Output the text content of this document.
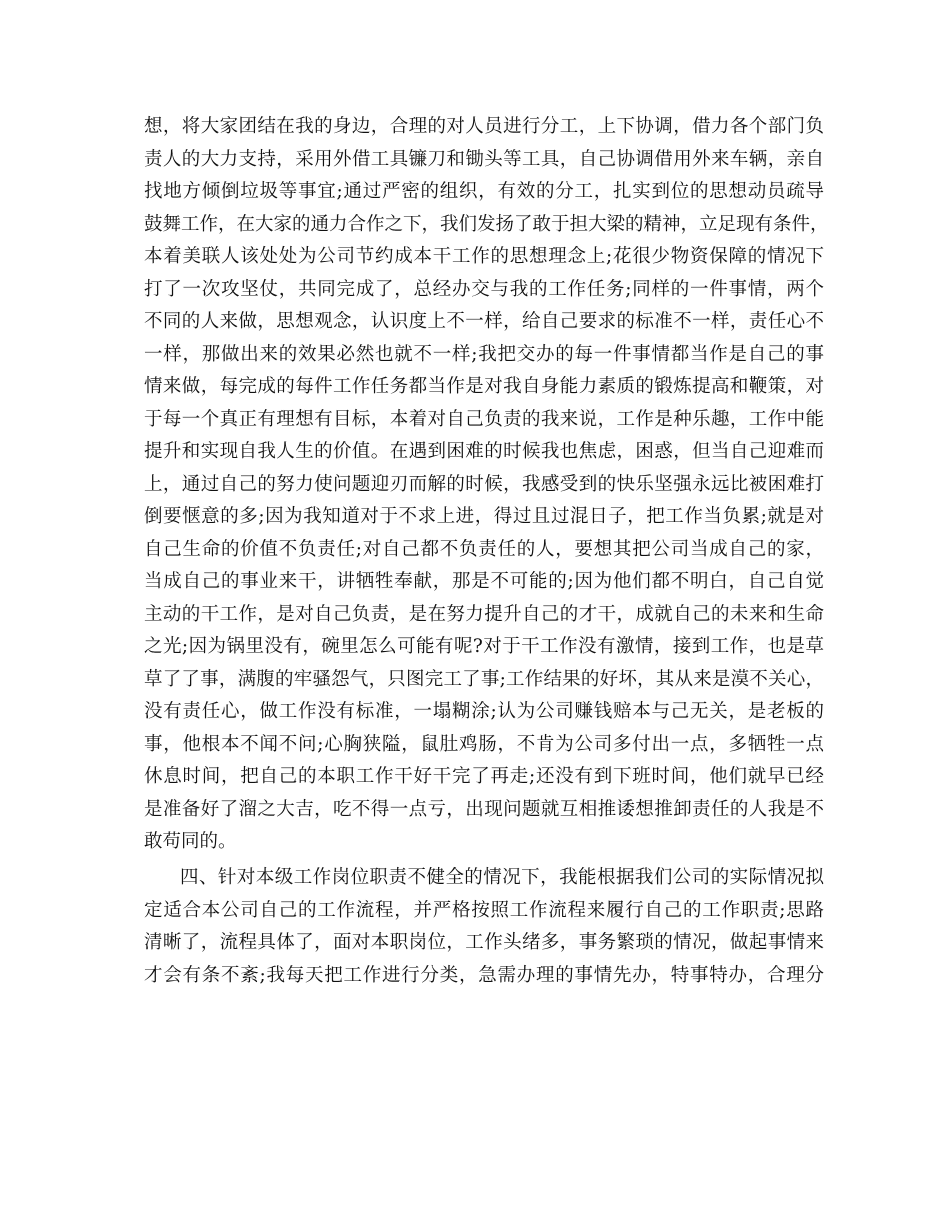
想，将大家团结在我的身边，合理的对人员进行分工，上下协调，借力各个部门负
责人的大力支持，采用外借工具镰刀和锄头等工具，自己协调借用外来车辆，亲自
找地方倾倒垃圾等事宜;通过严密的组织，有效的分工，扎实到位的思想动员疏导
鼓舞工作，在大家的通力合作之下，我们发扬了敢于担大梁的精神，立足现有条件，
本着美联人该处处为公司节约成本干工作的思想理念上;花很少物资保障的情况下
打了一次攻坚仗，共同完成了，总经办交与我的工作任务;同样的一件事情，两个
不同的人来做，思想观念，认识度上不一样，给自己要求的标准不一样，责任心不
一样，那做出来的效果必然也就不一样;我把交办的每一件事情都当作是自己的事
情来做，每完成的每件工作任务都当作是对我自身能力素质的锻炼提高和鞭策，对
于每一个真正有理想有目标，本着对自己负责的我来说，工作是种乐趣，工作中能
提升和实现自我人生的价值。在遇到困难的时候我也焦虑，困惑，但当自己迎难而
上，通过自己的努力使问题迎刃而解的时候，我感受到的快乐坚强永远比被困难打
倒要惬意的多;因为我知道对于不求上进，得过且过混日子，把工作当负累;就是对
自己生命的价值不负责任;对自己都不负责任的人，要想其把公司当成自己的家，
当成自己的事业来干，讲牺牲奉献，那是不可能的;因为他们都不明白，自己自觉
主动的干工作，是对自己负责，是在努力提升自己的才干，成就自己的未来和生命
之光;因为锅里没有，碗里怎么可能有呢?对于干工作没有激情，接到工作，也是草
草了了事，满腹的牢骚怨气，只图完工了事;工作结果的好坏，其从来是漠不关心，
没有责任心，做工作没有标准，一塌糊涂;认为公司赚钱赔本与己无关，是老板的
事，他根本不闻不问;心胸狭隘，鼠肚鸡肠，不肯为公司多付出一点，多牺牲一点
休息时间，把自己的本职工作干好干完了再走;还没有到下班时间，他们就早已经
是准备好了溜之大吉，吃不得一点亏，出现问题就互相推诿想推卸责任的人我是不
敢苟同的。
四、针对本级工作岗位职责不健全的情况下，我能根据我们公司的实际情况拟
定适合本公司自己的工作流程，并严格按照工作流程来履行自己的工作职责;思路
清晰了，流程具体了，面对本职岗位，工作头绪多，事务繁琐的情况，做起事情来
才会有条不紊;我每天把工作进行分类，急需办理的事情先办，特事特办，合理分
